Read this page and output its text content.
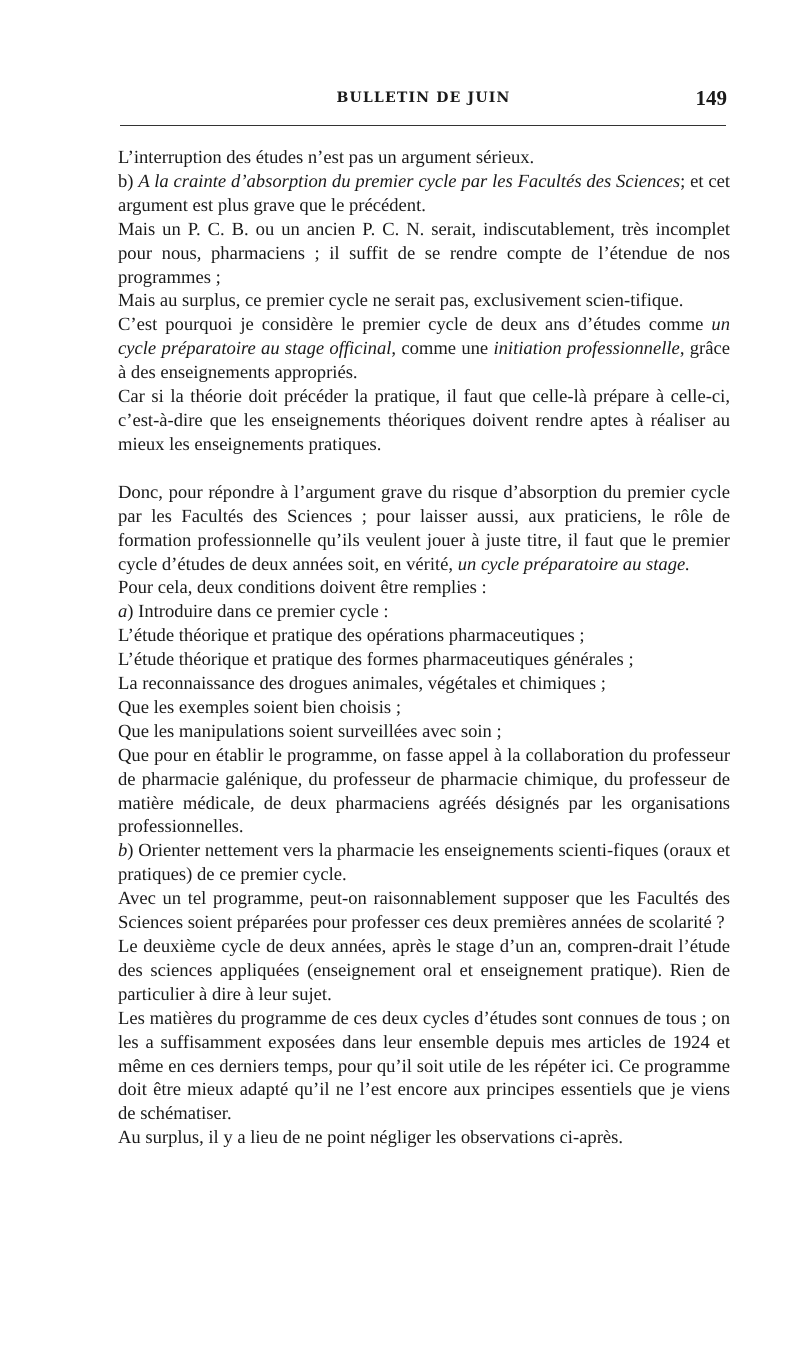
BULLETIN DE JUIN	149

L’interruption des études n’est pas un argument sérieux.

b) A la crainte d’absorption du premier cycle par les Facultés des Sciences; et cet argument est plus grave que le précédent.

Mais un P. C. B. ou un ancien P. C. N. serait, indiscutablement, très incomplet pour nous, pharmaciens ; il suffit de se rendre compte de l’étendue de nos programmes ;

Mais au surplus, ce premier cycle ne serait pas, exclusivement scien-tifique.

C’est pourquoi je considère le premier cycle de deux ans d’études comme un cycle préparatoire au stage officinal, comme une initiation professionnelle, grâce à des enseignements appropriés.

Car si la théorie doit précéder la pratique, il faut que celle-là prépare à celle-ci, c’est-à-dire que les enseignements théoriques doivent rendre aptes à réaliser au mieux les enseignements pratiques.

Donc, pour répondre à l’argument grave du risque d’absorption du premier cycle par les Facultés des Sciences ; pour laisser aussi, aux praticiens, le rôle de formation professionnelle qu’ils veulent jouer à juste titre, il faut que le premier cycle d’études de deux années soit, en vérité, un cycle préparatoire au stage.

Pour cela, deux conditions doivent être remplies :

a) Introduire dans ce premier cycle :

L’étude théorique et pratique des opérations pharmaceutiques ;

L’étude théorique et pratique des formes pharmaceutiques générales ;

La reconnaissance des drogues animales, végétales et chimiques ;

Que les exemples soient bien choisis ;

Que les manipulations soient surveillées avec soin ;

Que pour en établir le programme, on fasse appel à la collaboration du professeur de pharmacie galénique, du professeur de pharmacie chimique, du professeur de matière médicale, de deux pharmaciens agréés désignés par les organisations professionnelles.

b) Orienter nettement vers la pharmacie les enseignements scienti-fiques (oraux et pratiques) de ce premier cycle.

Avec un tel programme, peut-on raisonnablement supposer que les Facultés des Sciences soient préparées pour professer ces deux premières années de scolarité ?

Le deuxième cycle de deux années, après le stage d’un an, compren-drait l’étude des sciences appliquées (enseignement oral et enseignement pratique). Rien de particulier à dire à leur sujet.

Les matières du programme de ces deux cycles d’études sont connues de tous ; on les a suffisamment exposées dans leur ensemble depuis mes articles de 1924 et même en ces derniers temps, pour qu’il soit utile de les répéter ici. Ce programme doit être mieux adapté qu’il ne l’est encore aux principes essentiels que je viens de schématiser.

Au surplus, il y a lieu de ne point négliger les observations ci-après.
